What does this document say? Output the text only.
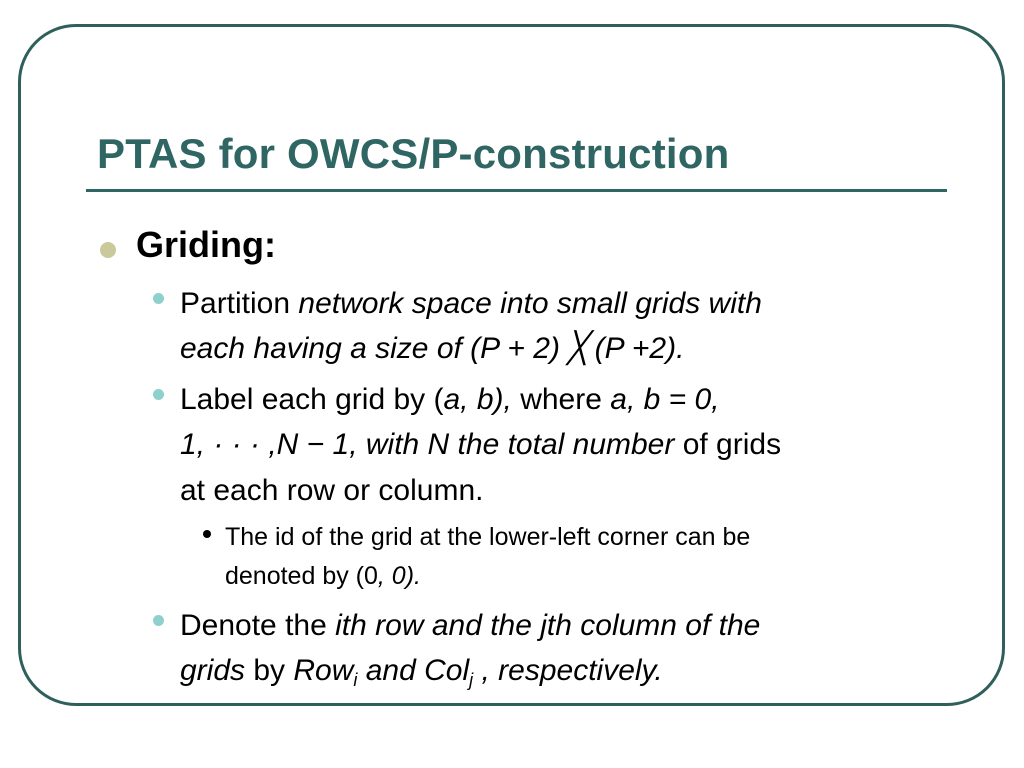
PTAS for OWCS/P-construction
Griding:
Partition network space into small grids with
each having a size of (P + 2) ╳ (P +2).
Label each grid by (a, b), where a, b = 0,
1, · · · ,N − 1, with N the total number of grids
at each row or column.
The id of the grid at the lower-left corner can be
denoted by (0, 0).
Denote the ith row and the jth column of the
grids by Row$_i$ and Col$_j$ , respectively.
